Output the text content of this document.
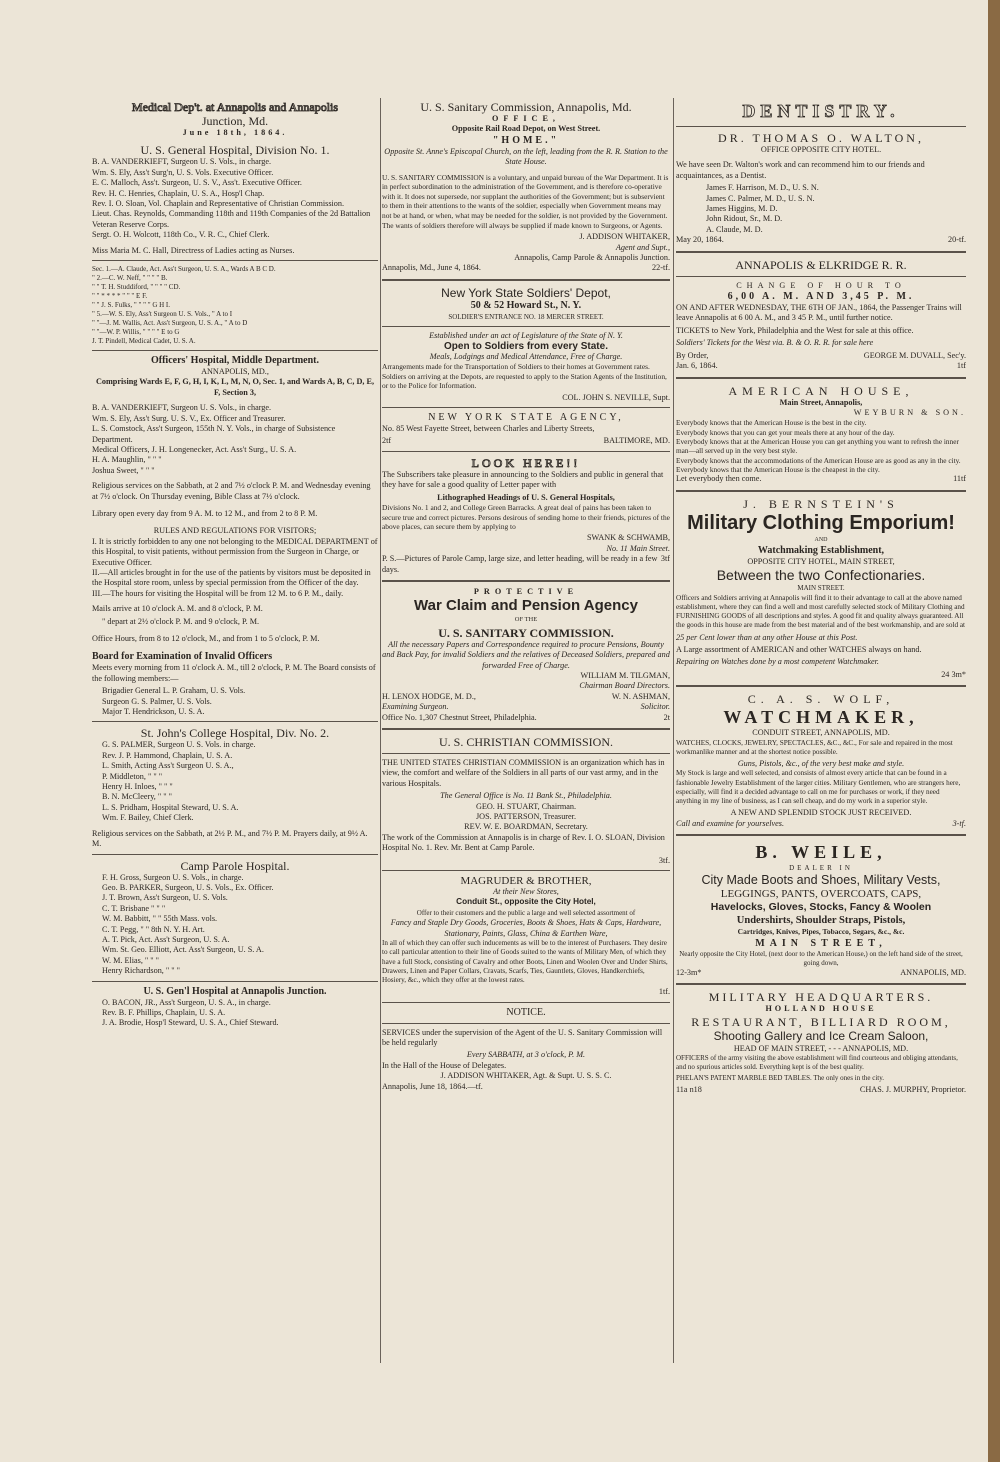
Medical Dep't. at Annapolis and Annapolis
Junction, Md.
June 18th, 1864.
U. S. General Hospital, Division No. 1.
B. A. VANDERKIEFT, Surgeon U. S. Vols., in charge.
Wm. S. Ely, Ass't Surg'n, U. S. Vols. Executive Officer.
E. C. Malloch, Ass't. Surgeon, U. S. V., Ass't. Executive Officer.
Rev. H. C. Henries, Chaplain, U. S. A., Hosp'l Chap.
Rev. I. O. Sloan, Vol. Chaplain and Representative of Christian Commission.
Lieut. Chas. Reynolds, Commanding 118th and 119th Companies of the 2d Battalion Veteran Reserve Corps.
Sergt. O. H. Wolcott, 118th Co., V. R. C., Chief Clerk.

Miss Maria M. C. Hall, Directress of Ladies acting as Nurses.

Sec. 1.—A. Claude, Act. Ass't Surgeon, U. S. A., Wards A B C D.
" 2.—C. W. Neff, " " " " B.
" " T. H. Studdiford, " " " " CD.
" " * * * * " " " E F.
" " J. S. Fulks, " " " " G H I.
" 5.—W. S. Ely, Ass't Surgeon U. S. Vols., " A to I
" "—J. M. Wallis, Act. Ass't Surgeon, U. S. A., " A to D
" "—W. P. Willis, " " " " E to G
J. T. Pindell, Medical Cadet, U. S. A.
Officers' Hospital, Middle Department.
ANNAPOLIS, MD.,
Comprising Wards E, F, G, H, I, K, L, M, N, O, Sec. 1, and Wards A, B, C, D, E, F, Section 3,
B. A. VANDERKIEFT, Surgeon U. S. Vols., in charge.
Wm. S. Ely, Ass't Surg. U. S. V., Ex. Officer and Treasurer.
L. S. Comstock, Ass't Surgeon, 155th N. Y. Vols., in charge of Subsistence Department.
Medical Officers, J. H. Longenecker, Act. Ass't Surg., U. S. A.
H. A. Maughlin, " " "
Joshua Sweet, " " "

Religious services on the Sabbath, at 2 and 7½ o'clock P. M. and Wednesday evening at 7½ o'clock. On Thursday evening, Bible Class at 7½ o'clock.

Library open every day from 9 A. M. to 12 M., and from 2 to 8 P. M.

RULES AND REGULATIONS FOR VISITORS;
I. It is strictly forbidden to any one not belonging to the MEDICAL DEPARTMENT of this Hospital, to visit patients, without permission from the Surgeon in Charge, or Executive Officer.
II.—All articles brought in for the use of the patients by visitors must be deposited in the Hospital store room, unless by special permission from the Officer of the day.
III.—The hours for visiting the Hospital will be from 12 M. to 6 P. M., daily.

Mails arrive at 10 o'clock A. M. and 8 o'clock, P. M.

" depart at 2½ o'clock P. M. and 9 o'clock, P. M.

Office Hours, from 8 to 12 o'clock, M., and from 1 to 5 o'clock, P. M.

Board for Examination of Invalid Officers

Meets every morning from 11 o'clock A. M., till 2 o'clock, P. M. The Board consists of the following members:—

Brigadier General L. P. Graham, U. S. Vols.
Surgeon G. S. Palmer, U. S. Vols.
Major T. Hendrickson, U. S. A.
St. John's College Hospital, Div. No. 2.
G. S. PALMER, Surgeon U. S. Vols. in charge.
Rev. J. P. Hammond, Chaplain, U. S. A.
L. Smith, Acting Ass't Surgeon U. S. A.,
P. Middleton, " " "
Henry H. Inloes, " " "
B. N. McCleery, " " "
L. S. Pridham, Hospital Steward, U. S. A.
Wm. F. Bailey, Chief Clerk.

Religious services on the Sabbath, at 2½ P. M., and 7½ P. M. Prayers daily, at 9½ A. M.

Camp Parole Hospital.
F. H. Gross, Surgeon U. S. Vols., in charge.
Geo. B. PARKER, Surgeon, U. S. Vols., Ex. Officer.
J. T. Brown, Ass't Surgeon, U. S. Vols.
C. T. Brisbane " " "
W. M. Babbitt, " " 55th Mass. vols.
C. T. Pegg, " " 8th N. Y. H. Art.
A. T. Pick, Act. Ass't Surgeon, U. S. A.
Wm. St. Geo. Elliott, Act. Ass't Surgeon, U. S. A.
W. M. Elias, " " "
Henry Richardson, " " "
U. S. Gen'l Hospital at Annapolis Junction.
O. BACON, JR., Ass't Surgeon, U. S. A., in charge.
Rev. B. F. Phillips, Chaplain, U. S. A.
J. A. Brodie, Hosp'l Steward, U. S. A., Chief Steward.
U. S. Sanitary Commission, Annapolis, Md.
OFFICE,
Opposite Rail Road Depot, on West Street.
"HOME."
Opposite St. Anne's Episcopal Church, on the left, leading from the R. R. Station to the State House.

U. S. SANITARY COMMISSION is a voluntary, and unpaid bureau of the War Department. It is in perfect subordination to the administration of the Government, and is therefore co-operative with it. It does not supersede, nor supplant the authorities of the Government; but is subservient to them in their attentions to the wants of the soldier, especially when Government means may not be at hand, or when, what may be needed for the soldier, is not provided by the Government. The wants of soldiers therefore will always be supplied if made known to Surgeons, or Agents.

J. ADDISON WHITAKER,
Agent and Supt.,
Annapolis, Camp Parole & Annapolis Junction.
Annapolis, Md., June 4, 1864.	22-tf.
New York State Soldiers' Depot,
50 & 52 Howard St., N. Y.
SOLDIER'S ENTRANCE NO. 18 MERCER STREET.
Established under an act of Legislature of the State of N. Y.
Open to Soldiers from every State.
Meals, Lodgings and Medical Attendance, Free of Charge.

Arrangements made for the Transportation of Soldiers to their homes at Government rates. Soldiers on arriving at the Depots, are requested to apply to the Station Agents of the Institution, or to the Police for Information.

COL. JOHN S. NEVILLE, Supt.
NEW YORK STATE AGENCY,

No. 85 West Fayette Street, between Charles and Liberty Streets,

2tf	BALTIMORE, MD.
LOOK HERE!!

The Subscribers take pleasure in announcing to the Soldiers and public in general that they have for sale a good quality of Letter paper with

Lithographed Headings of U. S. General Hospitals,

Divisions No. 1 and 2, and College Green Barracks. A great deal of pains has been taken to secure true and correct pictures. Persons desirous of sending home to their friends, pictures of the above places, can secure them by applying to

SWANK & SCHWAMB,
No. 11 Main Street.
P. S.—Pictures of Parole Camp, large size, and letter heading, will be ready in a few days.
3tf
PROTECTIVE
War Claim and Pension Agency
OF THE
U. S. SANITARY COMMISSION.
All the necessary Papers and Correspondence required to procure Pensions, Bounty and Back Pay, for invalid Soldiers and the relatives of Deceased Soldiers, prepared and forwarded Free of Charge.
WILLIAM M. TILGMAN,
Chairman Board Directors.
H. LENOX HODGE, M. D.,	W. N. ASHMAN,
Examining Surgeon.	Solicitor.
Office No. 1,307 Chestnut Street, Philadelphia.	2t
U. S. CHRISTIAN COMMISSION.

THE UNITED STATES CHRISTIAN COMMISSION is an organization which has in view, the comfort and welfare of the Soldiers in all parts of our vast army, and in the various Hospitals.

The General Office is No. 11 Bank St., Philadelphia.
GEO. H. STUART, Chairman.
JOS. PATTERSON, Treasurer.
REV. W. E. BOARDMAN, Secretary.

The work of the Commission at Annapolis is in charge of Rev. I. O. SLOAN, Division Hospital No. 1. Rev. Mr. Bent at Camp Parole.

3tf.
MAGRUDER & BROTHER,
At their New Stores,
Conduit St., opposite the City Hotel,
Offer to their customers and the public a large and well selected assortment of
Fancy and Staple Dry Goods, Groceries, Boots & Shoes, Hats & Caps, Hardware, Stationary, Paints, Glass, China & Earthen Ware,

In all of which they can offer such inducements as will be to the interest of Purchasers. They desire to call particular attention to their line of Goods suited to the wants of Military Men, of which they have a full Stock, consisting of Cavalry and other Boots, Linen and Woolen Over and Under Shirts, Drawers, Linen and Paper Collars, Cravats, Scarfs, Ties, Gauntlets, Gloves, Handkerchiefs, Hosiery, &c., which they offer at the lowest rates.

1tf.
NOTICE.

SERVICES under the supervision of the Agent of the U. S. Sanitary Commission will be held regularly

Every SABBATH, at 3 o'clock, P. M.
In the Hall of the House of Delegates.
J. ADDISON WHITAKER, Agt. & Supt. U. S. S. C.
Annapolis, June 18, 1864.—tf.
DENTISTRY.
DR. THOMAS O. WALTON,
OFFICE OPPOSITE CITY HOTEL.

We have seen Dr. Walton's work and can recommend him to our friends and acquaintances, as a Dentist.

James F. Harrison, M. D., U. S. N.
James C. Palmer, M. D., U. S. N.
James Higgins, M. D.
John Ridout, Sr., M. D.
A. Claude, M. D.
May 20, 1864.	20-tf.
ANNAPOLIS & ELKRIDGE R. R.
CHANGE OF HOUR TO
6,00 A. M. AND 3,45 P. M.

ON AND AFTER WEDNESDAY, THE 6TH OF JAN., 1864, the Passenger Trains will leave Annapolis at 6 00 A. M., and 3 45 P. M., until further notice.

TICKETS to New York, Philadelphia and the West for sale at this office.

Soldiers' Tickets for the West via. B. & O. R. R. for sale here

By Order,	GEORGE M. DUVALL, Sec'y.
Jan. 6, 1864.	1tf
AMERICAN HOUSE,
Main Street, Annapolis,
WEYBURN & SON.
Everybody knows that the American House is the best in the city.
Everybody knows that you can get your meals there at any hour of the day.
Everybody knows that at the American House you can get anything you want to refresh the inner man—all served up in the very best style.
Everybody knows that the accommodations of the American House are as good as any in the city.
Everybody knows that the American House is the cheapest in the city.
Let everybody then come.	11tf
J. BERNSTEIN'S
Military Clothing Emporium!
AND
Watchmaking Establishment,
OPPOSITE CITY HOTEL, MAIN STREET,
Between the two Confectionaries.
MAIN STREET.

Officers and Soldiers arriving at Annapolis will find it to their advantage to call at the above named establishment, where they can find a well and most carefully selected stock of Military Clothing and FURNISHING GOODS of all descriptions and styles. A good fit and quality always guaranteed. All the goods in this house are made from the best material and of the best workmanship, and are sold at

25 per Cent lower than at any other House at this Post.

A Large assortment of AMERICAN and other WATCHES always on hand.

Repairing on Watches done by a most competent Watchmaker.

24 3m*
C. A. S. WOLF,
WATCHMAKER,
CONDUIT STREET, ANNAPOLIS, MD.

WATCHES, CLOCKS, JEWELRY, SPECTACLES, &C., &C., For sale and repaired in the most workmanlike manner and at the shortest notice possible.

Guns, Pistols, &c., of the very best make and style.

My Stock is large and well selected, and consists of almost every article that can be found in a fashionable Jewelry Establishment of the larger cities. Military Gentlemen, who are strangers here, especially, will find it a decided advantage to call on me for purchases or work, if they need anything in my line of business, as I can sell cheap, and do my work in a superior style.

A NEW AND SPLENDID STOCK JUST RECEIVED.
Call and examine for yourselves.	3-tf.
B. WEILE,
DEALER IN
City Made Boots and Shoes, Military Vests,
LEGGINGS, PANTS, OVERCOATS, CAPS,
Havelocks, Gloves, Stocks, Fancy & Woolen
Undershirts, Shoulder Straps, Pistols,
Cartridges, Knives, Pipes, Tobacco, Segars, &c., &c.
MAIN STREET,
Nearly opposite the City Hotel, (next door to the American House,) on the left hand side of the street, going down,
12-3m*	ANNAPOLIS, MD.
MILITARY HEADQUARTERS.
HOLLAND HOUSE
RESTAURANT, BILLIARD ROOM,
Shooting Gallery and Ice Cream Saloon,
HEAD OF MAIN STREET, - - - ANNAPOLIS, MD.

OFFICERS of the army visiting the above establishment will find courteous and obliging attendants, and no spurious articles sold. Everything kept is of the best quality.

PHELAN'S PATENT MARBLE BED TABLES. The only ones in the city.

11a n18	CHAS. J. MURPHY, Proprietor.
